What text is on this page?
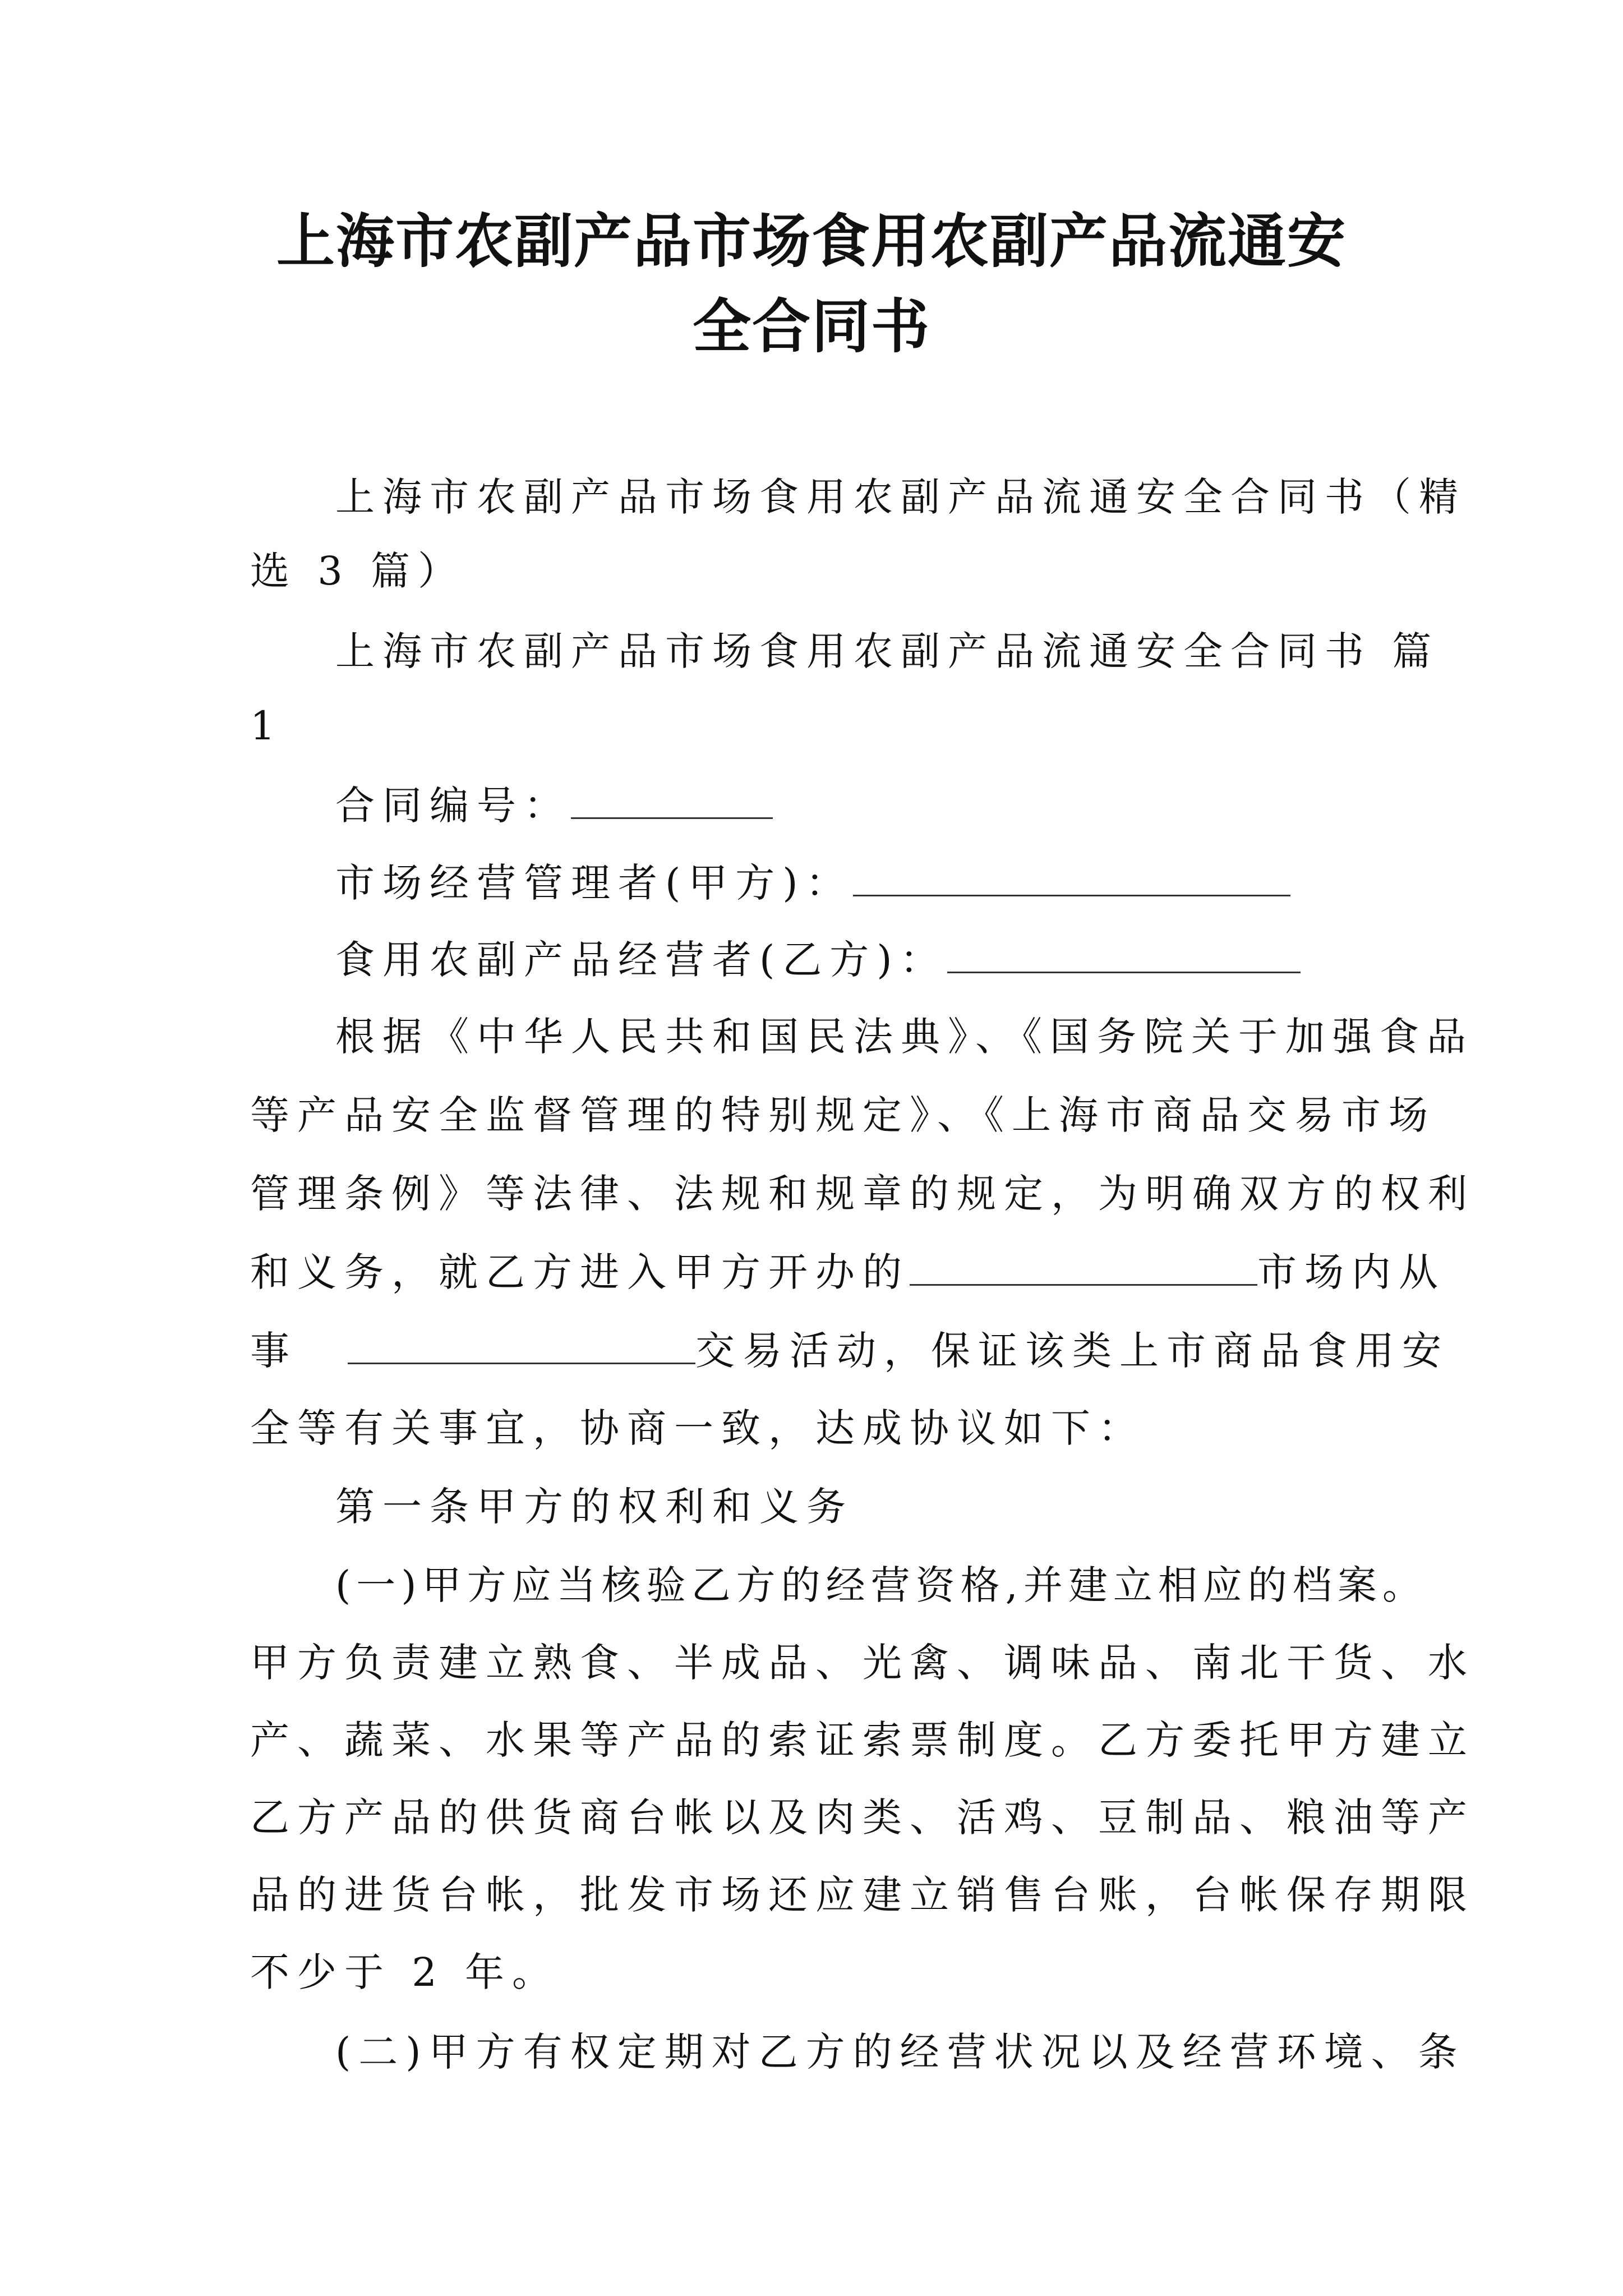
上海市农副产品市场食用农副产品流通安
全合同书

上海市农副产品市场食用农副产品流通安全合同书（精

选 3 篇）

上海市农副产品市场食用农副产品流通安全合同书 篇

1

合同编号：

市场经营管理者(甲方)：

食用农副产品经营者(乙方)：

根据《中华人民共和国民法典》、《国务院关于加强食品

等产品安全监督管理的特别规定》、《上海市商品交易市场

管理条例》等法律、法规和规章的规定，为明确双方的权利

和义务，就乙方进入甲方开办的	市场内从

事	交易活动，保证该类上市商品食用安

全等有关事宜，协商一致，达成协议如下：

第一条甲方的权利和义务

(一)甲方应当核验乙方的经营资格,并建立相应的档案。

甲方负责建立熟食、半成品、光禽、调味品、南北干货、水

产、蔬菜、水果等产品的索证索票制度。乙方委托甲方建立

乙方产品的供货商台帐以及肉类、活鸡、豆制品、粮油等产

品的进货台帐，批发市场还应建立销售台账，台帐保存期限

不少于 2 年。

(二)甲方有权定期对乙方的经营状况以及经营环境、条
